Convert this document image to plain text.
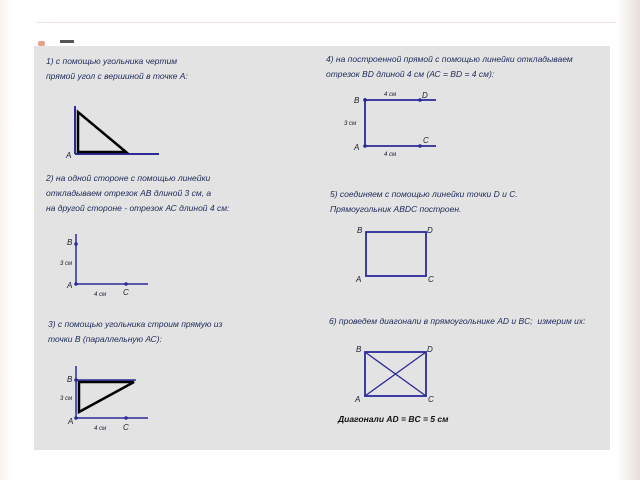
1) с помощью угольника чертим
прямой угол с вершиной в точке А:
2) на одной стороне с помощью линейки
откладываем отрезок АВ длиной 3 см, а
на другой стороне - отрезок АС длиной 4 см:
3) с помощью угольника строим прямую из
точки В (параллельную АС):
4) на построенной прямой с помощью линейки откладываем
отрезок BD длиной 4 см (АС = BD = 4 см):
5) соединяем с помощью линейки точки D и C.
Прямоугольник ABDC построен.
6) проведем диагонали в прямоугольнике AD и BC;  измерим их:
Диагонали AD = BC = 5 см
A
B
3 см
A
4 см C
B
3 см
A
4 см C
B
4 см	D
3 см
C
A
4 см
B	D
A	C
B	D
A	C
